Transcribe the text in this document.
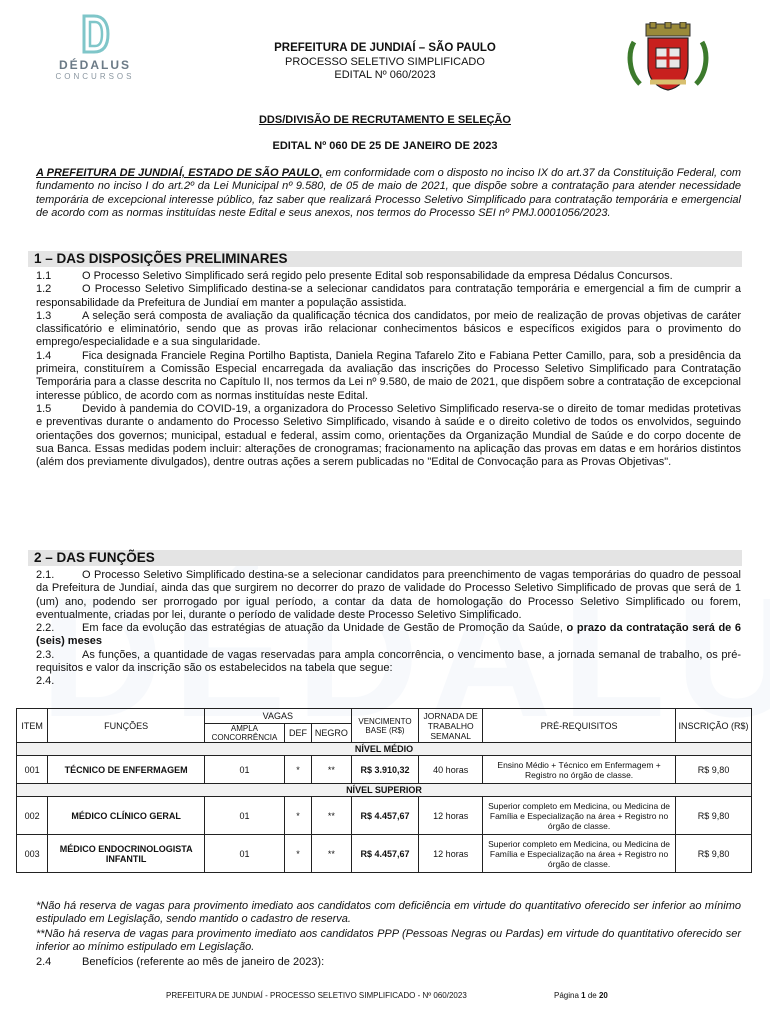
DÉDALUS
CONCURSOS
PREFEITURA DE JUNDIAÍ – SÃO PAULO
PROCESSO SELETIVO SIMPLIFICADO
EDITAL Nº 060/2023
DDS/DIVISÃO DE RECRUTAMENTO E SELEÇÃO
EDITAL Nº 060 DE 25 DE JANEIRO DE 2023
A PREFEITURA DE JUNDIAÍ, ESTADO DE SÃO PAULO, em conformidade com o disposto no inciso IX do art.37 da Constituição Federal, com fundamento no inciso I do art.2º da Lei Municipal nº 9.580, de 05 de maio de 2021, que dispõe sobre a contratação para atender necessidade temporária de excepcional interesse público, faz saber que realizará Processo Seletivo Simplificado para contratação temporária e emergencial de acordo com as normas instituídas neste Edital e seus anexos, nos termos do Processo SEI nº PMJ.0001056/2023.
1 – DAS DISPOSIÇÕES PRELIMINARES
1.1	O Processo Seletivo Simplificado será regido pelo presente Edital sob responsabilidade da empresa Dédalus Concursos.
1.2	O Processo Seletivo Simplificado destina-se a selecionar candidatos para contratação temporária e emergencial a fim de cumprir a responsabilidade da Prefeitura de Jundiaí em manter a população assistida.
1.3	A seleção será composta de avaliação da qualificação técnica dos candidatos, por meio de realização de provas objetivas de caráter classificatório e eliminatório, sendo que as provas irão relacionar conhecimentos básicos e específicos exigidos para o provimento do emprego/especialidade e a sua singularidade.
1.4	Fica designada Franciele Regina Portilho Baptista, Daniela Regina Tafarelo Zito e Fabiana Petter Camillo, para, sob a presidência da primeira, constituírem a Comissão Especial encarregada da avaliação das inscrições do Processo Seletivo Simplificado para Contratação Temporária para a classe descrita no Capítulo II, nos termos da Lei nº 9.580, de maio de 2021, que dispõem sobre a contratação de excepcional interesse público, de acordo com as normas instituídas neste Edital.
1.5	Devido à pandemia do COVID-19, a organizadora do Processo Seletivo Simplificado reserva-se o direito de tomar medidas protetivas e preventivas durante o andamento do Processo Seletivo Simplificado, visando à saúde e o direito coletivo de todos os envolvidos, seguindo orientações dos governos; municipal, estadual e federal, assim como, orientações da Organização Mundial de Saúde e do corpo docente de sua Banca. Essas medidas podem incluir: alterações de cronogramas; fracionamento na aplicação das provas em datas e em horários distintos (além dos previamente divulgados), dentre outras ações a serem publicadas no "Edital de Convocação para as Provas Objetivas".
2 – DAS FUNÇÕES
2.1.	O Processo Seletivo Simplificado destina-se a selecionar candidatos para preenchimento de vagas temporárias do quadro de pessoal da Prefeitura de Jundiaí, ainda das que surgirem no decorrer do prazo de validade do Processo Seletivo Simplificado de provas que será de 1 (um) ano, podendo ser prorrogado por igual período, a contar da data de homologação do Processo Seletivo Simplificado ou forem, eventualmente, criadas por lei, durante o período de validade deste Processo Seletivo Simplificado.
2.2.	Em face da evolução das estratégias de atuação da Unidade de Gestão de Promoção da Saúde, o prazo da contratação será de 6 (seis) meses
2.3.	As funções, a quantidade de vagas reservadas para ampla concorrência, o vencimento base, a jornada semanal de trabalho, os pré-requisitos e valor da inscrição são os estabelecidos na tabela que segue:
2.4.
ITEM	FUNÇÕES	VAGAS			VENCIMENTO BASE (R$)	JORNADA DE TRABALHO SEMANAL	PRÉ-REQUISITOS	INSCRIÇÃO (R$)
		AMPLA CONCORRÊNCIA	DEF	NEGRO				
NÍVEL MÉDIO								
001	TÉCNICO DE ENFERMAGEM	01	*	**	R$ 3.910,32	40 horas	Ensino Médio + Técnico em Enfermagem + Registro no órgão de classe.	R$ 9,80
NÍVEL SUPERIOR								
002	MÉDICO CLÍNICO GERAL	01	*	**	R$ 4.457,67	12 horas	Superior completo em Medicina, ou Medicina de Família e Especialização na área + Registro no órgão de classe.	R$ 9,80
003	MÉDICO ENDOCRINOLOGISTA INFANTIL	01	*	**	R$ 4.457,67	12 horas	Superior completo em Medicina, ou Medicina de Família e Especialização na área + Registro no órgão de classe.	R$ 9,80
*Não há reserva de vagas para provimento imediato aos candidatos com deficiência em virtude do quantitativo oferecido ser inferior ao mínimo estipulado em Legislação, sendo mantido o cadastro de reserva.
**Não há reserva de vagas para provimento imediato aos candidatos PPP (Pessoas Negras ou Pardas) em virtude do quantitativo oferecido ser inferior ao mínimo estipulado em Legislação.
2.4	Benefícios (referente ao mês de janeiro de 2023):
PREFEITURA DE JUNDIAÍ - PROCESSO SELETIVO SIMPLIFICADO - Nº 060/2023	Página 1 de 20
